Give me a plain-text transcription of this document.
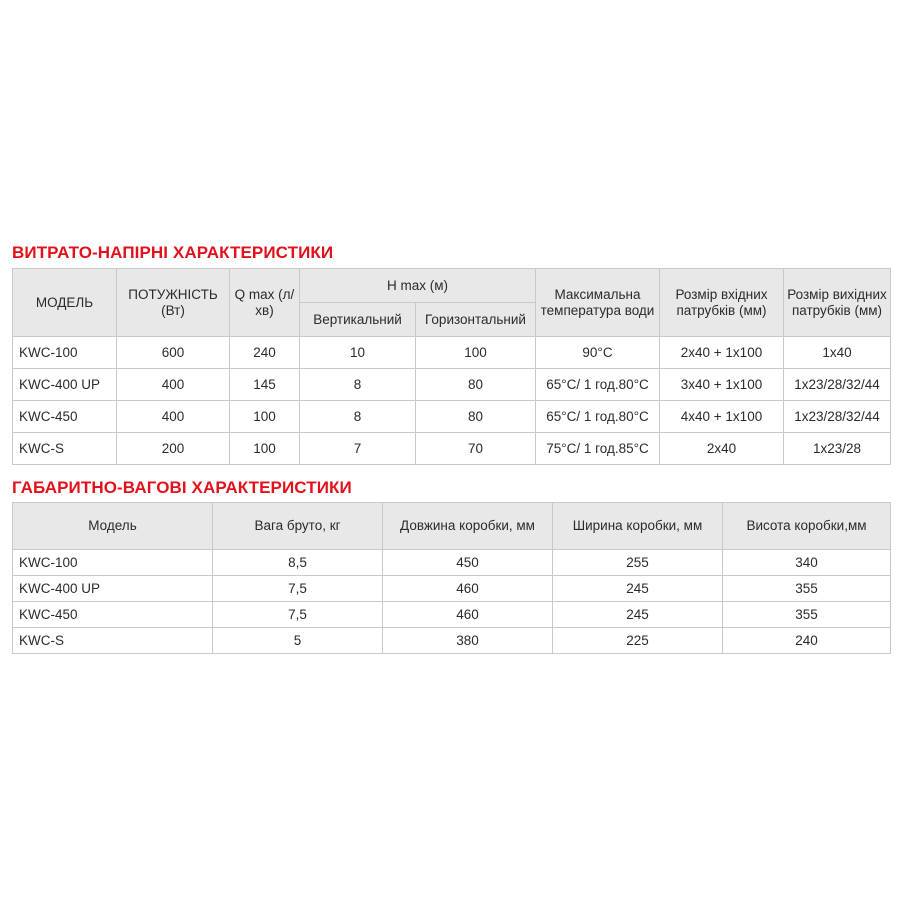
ВИТРАТО-НАПІРНІ ХАРАКТЕРИСТИКИ
МОДЕЛЬ	ПОТУЖНІСТЬ (Вт)	Q max (л/хв)	H max (м)		Максимальна температура води	Розмір вхідних патрубків (мм)	Розмір вихідних патрубків (мм)
			Вертикальний	Горизонтальний			
KWC-100	600	240	10	100	90°С	2х40 + 1х100	1х40
KWC-400 UP	400	145	8	80	65°С/ 1 год.80°С	3х40 + 1х100	1х23/28/32/44
KWC-450	400	100	8	80	65°С/ 1 год.80°С	4х40 + 1х100	1х23/28/32/44
KWC-S	200	100	7	70	75°С/ 1 год.85°С	2х40	1х23/28
ГАБАРИТНО-ВАГОВІ ХАРАКТЕРИСТИКИ
Модель	Вага бруто, кг	Довжина коробки, мм	Ширина коробки, мм	Висота коробки,мм
KWC-100	8,5	450	255	340
KWC-400 UP	7,5	460	245	355
KWC-450	7,5	460	245	355
KWC-S	5	380	225	240
